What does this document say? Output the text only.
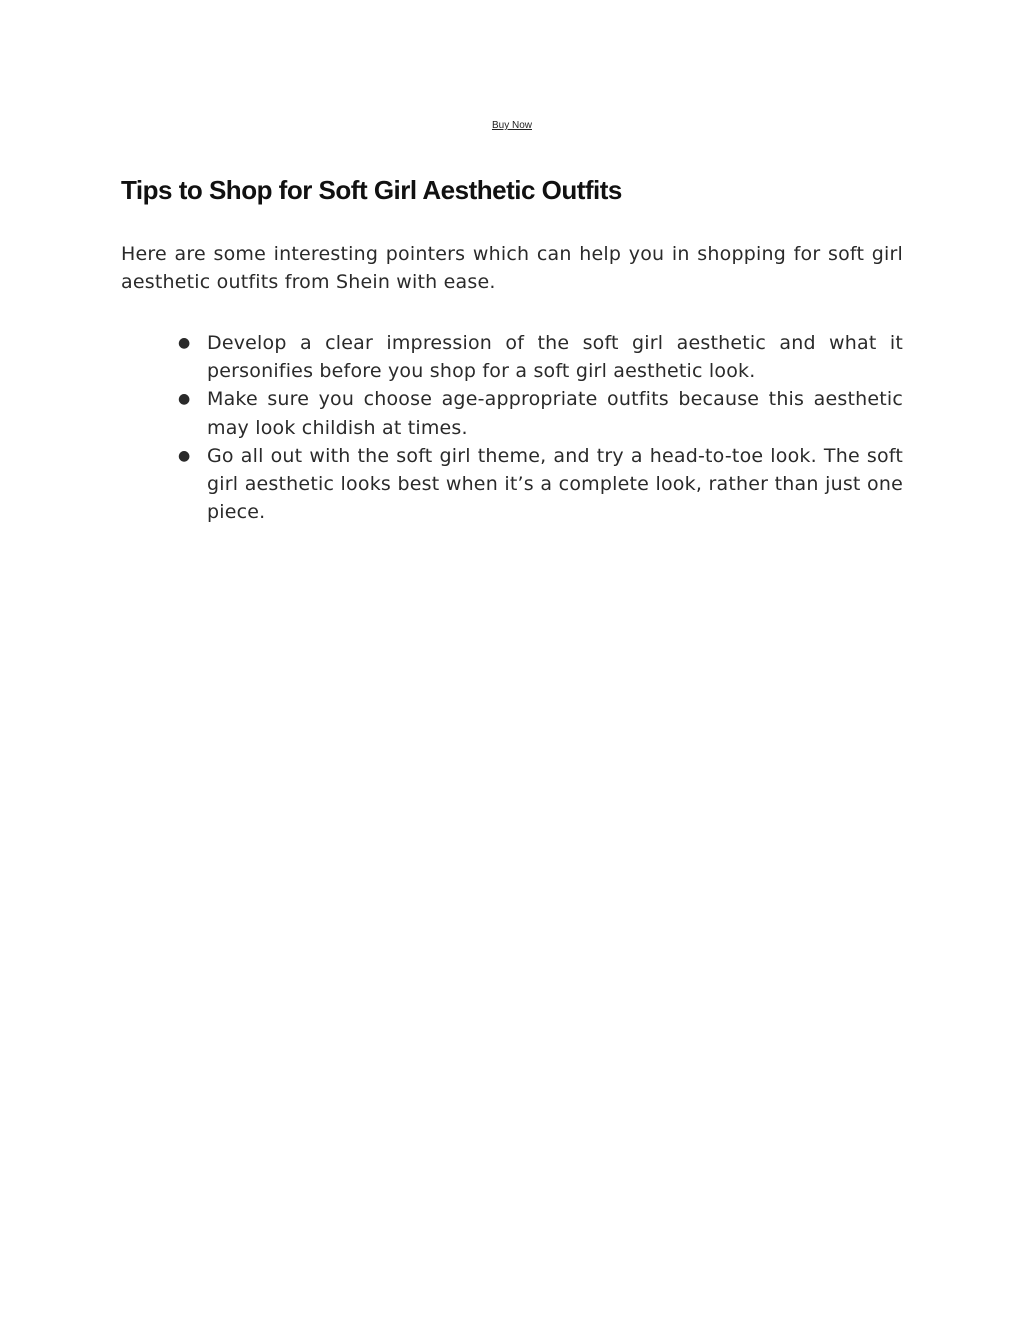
Buy Now
Tips to Shop for Soft Girl Aesthetic Outfits

Here are some interesting pointers which can help you in shopping for soft girl aesthetic outfits from Shein with ease.

● Develop a clear impression of the soft girl aesthetic and what it personifies before you shop for a soft girl aesthetic look.
● Make sure you choose age-appropriate outfits because this aesthetic may look childish at times.
● Go all out with the soft girl theme, and try a head-to-toe look. The soft girl aesthetic looks best when it’s a complete look, rather than just one piece.
